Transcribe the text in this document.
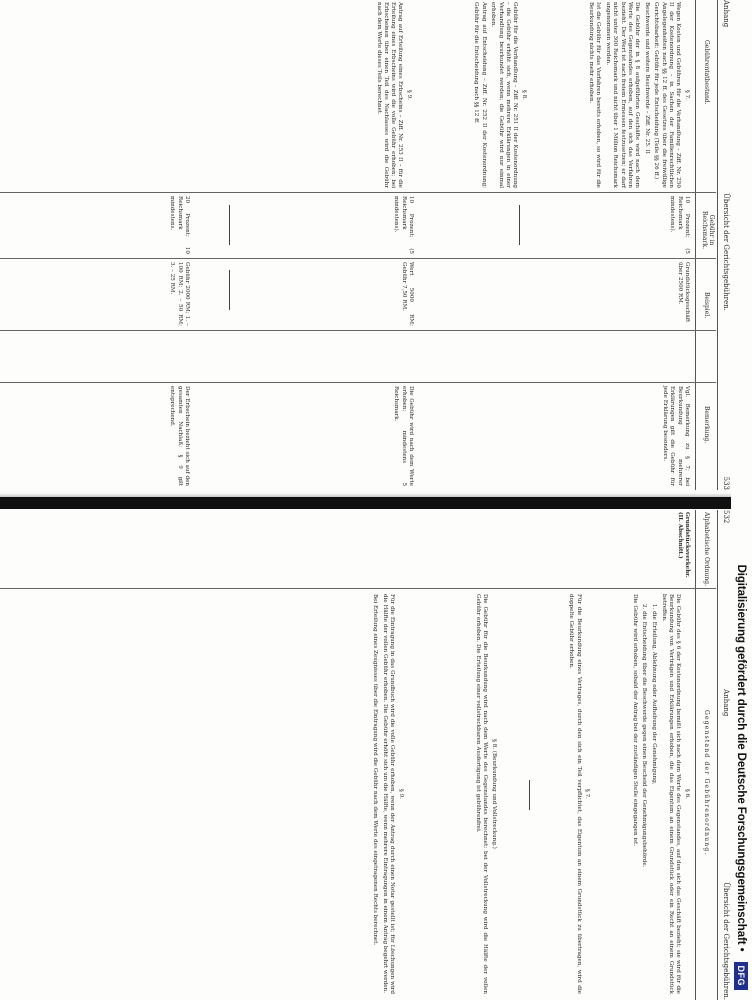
Anhang
Übersicht der Gerichtsgebühren.
533
Gebührentatbestand.
Gebühr in Reichsmark.
Beispiel.
Bemerkung.

§ 7.

Wegen Kosten und Gebühren für die Verhandlung – Ziff. Nr. 250 II der Kostenordnung – in Sachen der Familienrechtlichen Angelegenheiten nach §§ 12 ff. des Gesetzes über die freiwillige Gerichtsbarkeit; Gebühr für jede Entscheidung (Teile §§ 26 ff.)

Beschwerde und weitere Beschwerde – Ziff. Nr. 25. II

Die Gebühr der in § 8 aufgeführten Geschäfte wird nach dem Werte des Gegenstandes erhoben, auf den sich das Verfahren bezieht. Der Wert ist nach freiem Ermessen festzusetzen; er darf nicht unter 300 Reichsmark und nicht über 1 Million Reichsmark angenommen werden.

Ist die Gebühr für das Verfahren bereits erhoben, so wird für die Beurkundung nichts mehr erhoben.

§ 8.

Gebühr für die Verhandlung – Ziff. Nr. 251 II der Kostenordnung – die Gebühr erhöht sich, wenn mehrere Erklärungen in einer Verhandlung beurkundet werden; die Gebühr wird nur einmal erhoben.

Antrag auf Entscheidung – Ziff. Nr. 252 II der Kostenordnung; Gebühr für die Entscheidung nach §§ 12 ff.

§ 9.

Antrag auf Erteilung eines Erbscheins – Ziff. Nr. 253 II – für die Erteilung eines Erbscheins wird die volle Gebühr erhoben; bei Erbscheinen über einen Teil des Nachlasses wird die Gebühr nach dem Werte dieses Teils berechnet.

10 Prozent; (5 Reichsmark mindestens).
10 Prozent; (5 Reichsmark mindestens).
20 Prozent; 10 Reichsmark mindestens.
Grundstücksgeschäft über 2500 RM.
Wert 5000 RM; Gebühr 7,50 RM.
Gebühr 2000 RM; 1. – 100 RM; 2. – 50 RM; 3. – 25 RM.
Vgl. Bemerkung zu § 7; bei Beurkundung mehrerer Erklärungen gilt die Gebühr für jede Erklärung besonders.
Die Gebühr wird nach dem Werte erhoben; mindestens 5 Reichsmark.
Der Erbschein bezieht sich auf den gesamten Nachlaß; § 9 gilt entsprechend.
532
Anhang
Übersicht der Gerichtsgebühren.
Alphabetische Ordnung.
Gegenstand der Gebührenordnung.
Grundstücksverkehr. (II. Abschnitt.)

§ 6.

Die Gebühr des § 6 der Kostenordnung bemißt sich nach dem Werte des Gegenstandes, auf den sich das Geschäft bezieht; sie wird für die Beurkundung von Verträgen und Erklärungen erhoben, die das Eigentum an einem Grundstück oder ein Recht an einem Grundstück betreffen.

1. die Erteilung, Ablehnung oder Aufhebung der Genehmigung,

2. die Entscheidung über die Beschwerde gegen einen Bescheid der Genehmigungsbehörde.

Die Gebühr wird erhoben, sobald der Antrag bei der zuständigen Stelle eingegangen ist.

§ 7.

Für die Beurkundung eines Vertrages, durch den sich ein Teil verpflichtet, das Eigentum an einem Grundstück zu übertragen, wird die doppelte Gebühr erhoben.

§ 8. (Beurkundung und Vollstreckung.)

Die Gebühr für die Beurkundung wird nach dem Werte des Gegenstandes berechnet; bei der Vollstreckung wird die Hälfte der vollen Gebühr erhoben. Die Erteilung einer vollstreckbaren Ausfertigung ist gebührenfrei.

§ 9.

Für die Eintragung in das Grundbuch wird die volle Gebühr erhoben, wenn der Antrag durch einen Notar gestellt ist; für Löschungen wird die Hälfte der vollen Gebühr erhoben. Die Gebühr erhöht sich um die Hälfte, wenn mehrere Eintragungen in einem Antrag begehrt werden.

Bei Erteilung eines Zeugnisses über die Eintragung wird die Gebühr nach dem Werte des eingetragenen Rechts berechnet.	Digitalisierung gefördert durch die Deutsche Forschungsgemeinschaft •
DFG
